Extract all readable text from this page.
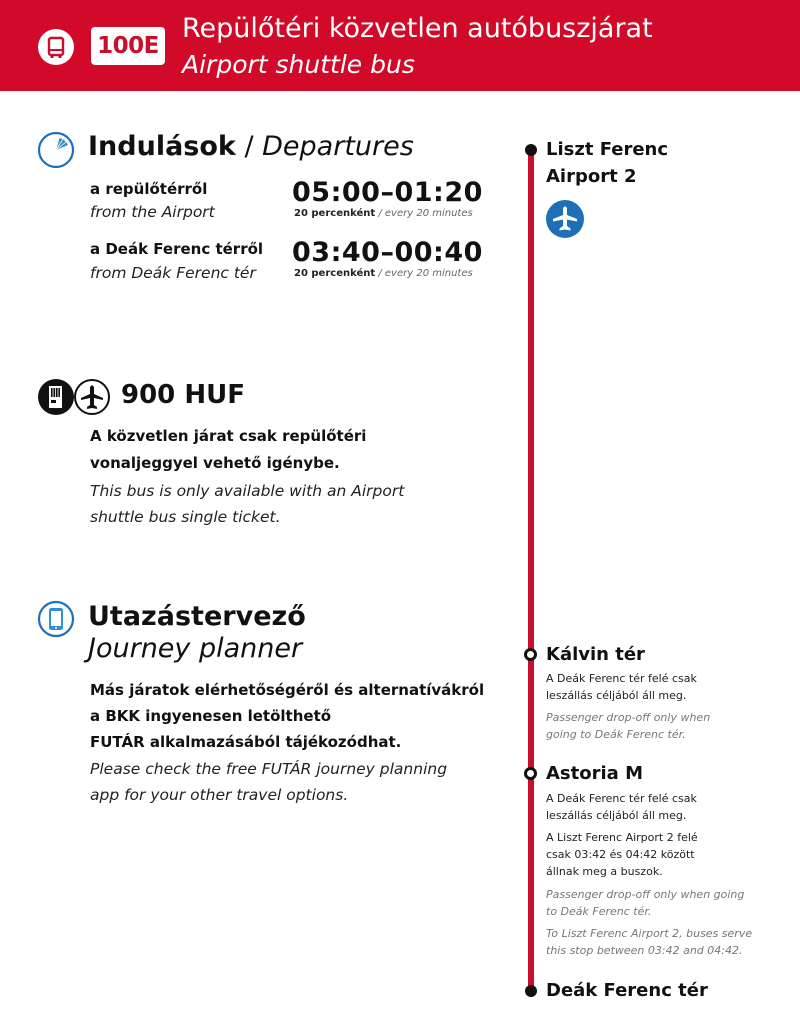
100E
Repülőtéri közvetlen autóbuszjárat
Airport shuttle bus
Indulások / Departures
a repülőtérről
from the Airport
05:00–01:20
20 percenként / every 20 minutes
a Deák Ferenc térről
from Deák Ferenc tér
03:40–00:40
20 percenként / every 20 minutes
900 HUF
A közvetlen járat csak repülőtéri
vonaljeggyel vehető igénybe.
This bus is only available with an Airport
shuttle bus single ticket.
Utazástervező
Journey planner
Más járatok elérhetőségéről és alternatívákról
a BKK ingyenesen letölthető
FUTÁR alkalmazásából tájékozódhat.
Please check the free FUTÁR journey planning
app for your other travel options.
Liszt Ferenc
Airport 2
Kálvin tér
A Deák Ferenc tér felé csak
leszállás céljából áll meg.
Passenger drop-off only when
going to Deák Ferenc tér.
Astoria M
A Deák Ferenc tér felé csak
leszállás céljából áll meg.
A Liszt Ferenc Airport 2 felé
csak 03:42 és 04:42 között
állnak meg a buszok.
Passenger drop-off only when going
to Deák Ferenc tér.
To Liszt Ferenc Airport 2, buses serve
this stop between 03:42 and 04:42.
Deák Ferenc tér
